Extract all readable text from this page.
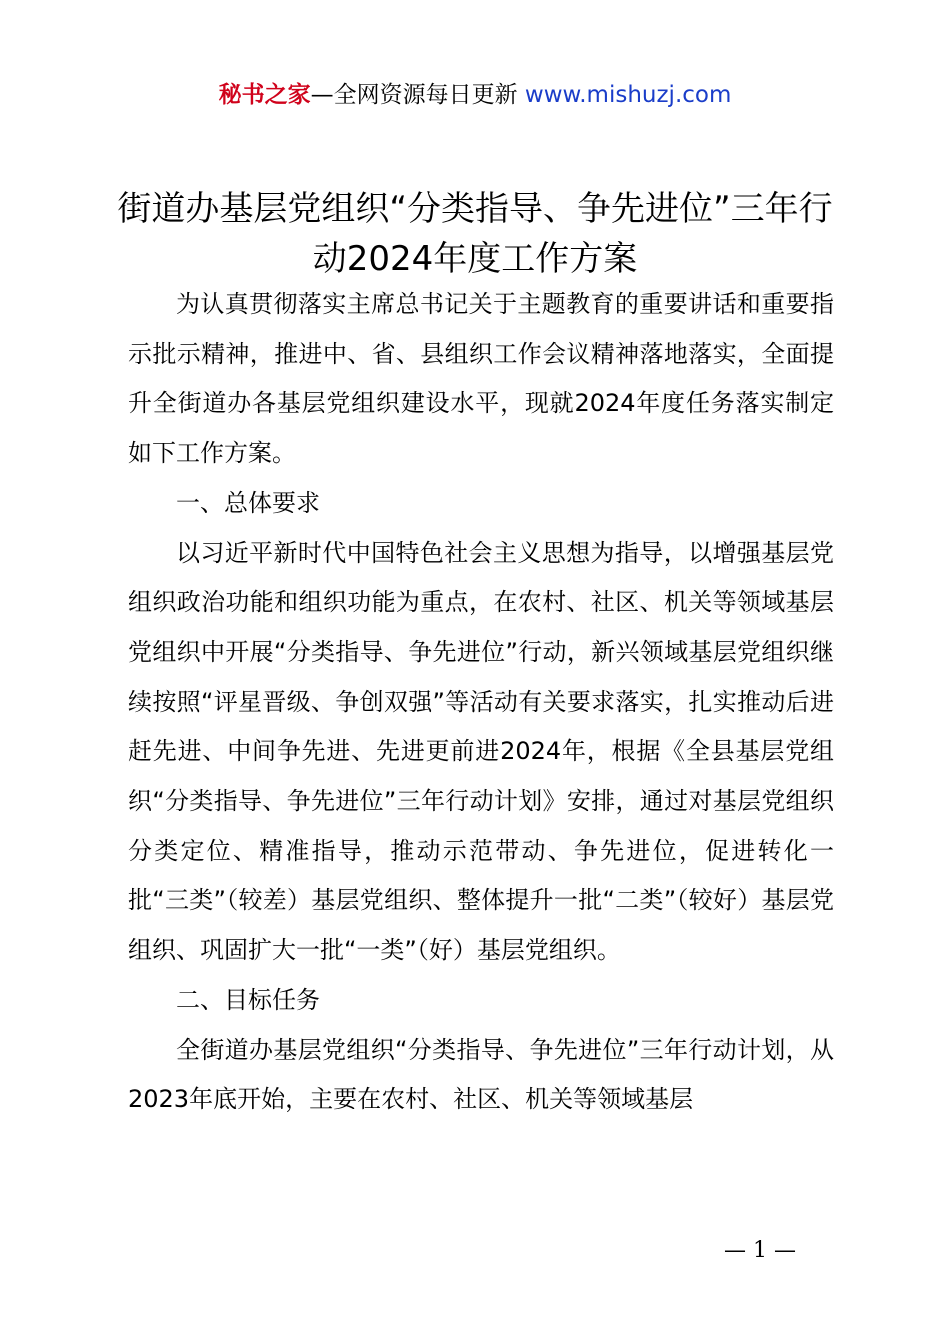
秘书之家—全网资源每日更新 www.mishuzj.com
街道办基层党组织“分类指导、争先进位”三年行动2024年度工作方案

为认真贯彻落实主席总书记关于主题教育的重要讲话和重要指示批示精神，推进中、省、县组织工作会议精神落地落实，全面提升全街道办各基层党组织建设水平，现就2024年度任务落实制定如下工作方案。

一、总体要求

以习近平新时代中国特色社会主义思想为指导，以增强基层党组织政治功能和组织功能为重点，在农村、社区、机关等领域基层党组织中开展“分类指导、争先进位”行动，新兴领域基层党组织继续按照“评星晋级、争创双强”等活动有关要求落实，扎实推动后进赶先进、中间争先进、先进更前进2024年，根据《全县基层党组织“分类指导、争先进位”三年行动计划》安排，通过对基层党组织分类定位、精准指导，推动示范带动、争先进位，促进转化一批“三类”（较差）基层党组织、整体提升一批“二类”（较好）基层党组织、巩固扩大一批“一类”（好）基层党组织。

二、目标任务

全街道办基层党组织“分类指导、争先进位”三年行动计划，从2023年底开始，主要在农村、社区、机关等领域基层

— 1 —
